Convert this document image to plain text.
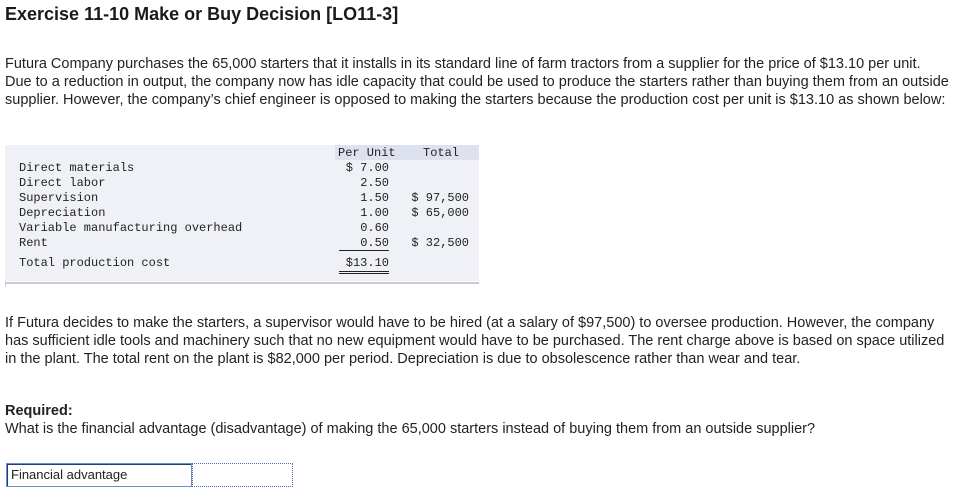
Exercise 11-10 Make or Buy Decision [LO11-3]
Futura Company purchases the 65,000 starters that it installs in its standard line of farm tractors from a supplier for the price of $13.10 per unit. Due to a reduction in output, the company now has idle capacity that could be used to produce the starters rather than buying them from an outside supplier. However, the company’s chief engineer is opposed to making the starters because the production cost per unit is $13.10 as shown below:
Per Unit Total
Direct materials	$ 7.00
Direct labor	2.50
Supervision	1.50 $ 97,500
Depreciation	1.00 $ 65,000
Variable manufacturing overhead	0.60
Rent	0.50 $ 32,500
Total production cost	$13.10
If Futura decides to make the starters, a supervisor would have to be hired (at a salary of $97,500) to oversee production. However, the company has sufficient idle tools and machinery such that no new equipment would have to be purchased. The rent charge above is based on space utilized in the plant. The total rent on the plant is $82,000 per period. Depreciation is due to obsolescence rather than wear and tear.
Required:
What is the financial advantage (disadvantage) of making the 65,000 starters instead of buying them from an outside supplier?
Financial advantage
